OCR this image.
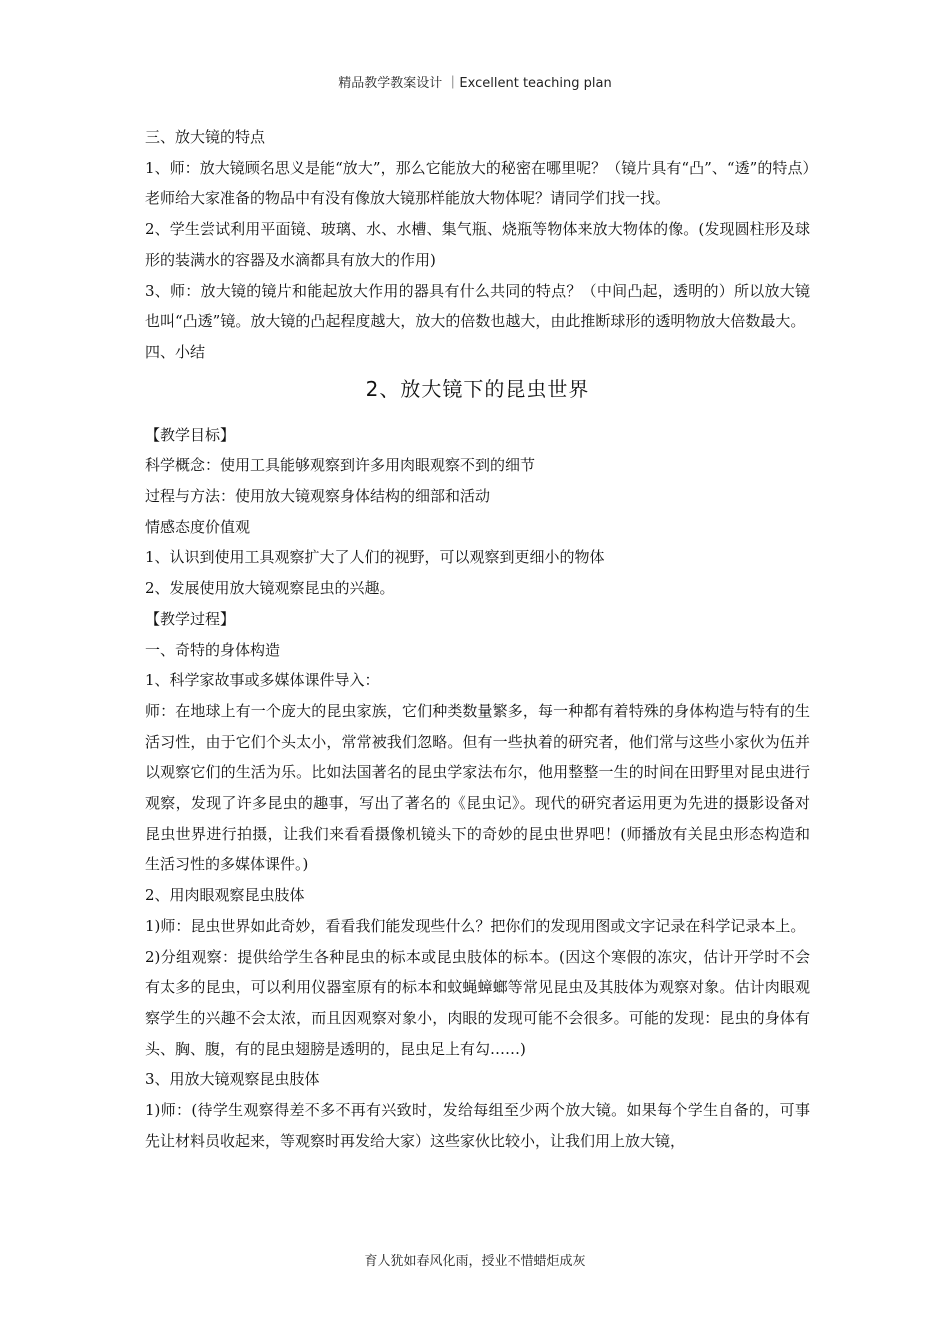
精品教学教案设计 ｜Excellent teaching plan

三、放大镜的特点

1、师：放大镜顾名思义是能“放大”，那么它能放大的秘密在哪里呢？（镜片具有“凸”、“透”的特点）老师给大家准备的物品中有没有像放大镜那样能放大物体呢？请同学们找一找。

2、学生尝试利用平面镜、玻璃、水、水槽、集气瓶、烧瓶等物体来放大物体的像。(发现圆柱形及球形的装满水的容器及水滴都具有放大的作用)

3、师：放大镜的镜片和能起放大作用的器具有什么共同的特点？（中间凸起，透明的）所以放大镜也叫“凸透”镜。放大镜的凸起程度越大，放大的倍数也越大，由此推断球形的透明物放大倍数最大。

四、小结

2、放大镜下的昆虫世界

【教学目标】

科学概念：使用工具能够观察到许多用肉眼观察不到的细节

过程与方法：使用放大镜观察身体结构的细部和活动

情感态度价值观

1、认识到使用工具观察扩大了人们的视野，可以观察到更细小的物体

2、发展使用放大镜观察昆虫的兴趣。

【教学过程】

一、奇特的身体构造

1、科学家故事或多媒体课件导入：

师：在地球上有一个庞大的昆虫家族，它们种类数量繁多，每一种都有着特殊的身体构造与特有的生活习性，由于它们个头太小，常常被我们忽略。但有一些执着的研究者，他们常与这些小家伙为伍并以观察它们的生活为乐。比如法国著名的昆虫学家法布尔，他用整整一生的时间在田野里对昆虫进行观察，发现了许多昆虫的趣事，写出了著名的《昆虫记》。现代的研究者运用更为先进的摄影设备对昆虫世界进行拍摄，让我们来看看摄像机镜头下的奇妙的昆虫世界吧！(师播放有关昆虫形态构造和生活习性的多媒体课件。)

2、用肉眼观察昆虫肢体

1)师：昆虫世界如此奇妙，看看我们能发现些什么？把你们的发现用图或文字记录在科学记录本上。

2)分组观察：提供给学生各种昆虫的标本或昆虫肢体的标本。(因这个寒假的冻灾，估计开学时不会有太多的昆虫，可以利用仪器室原有的标本和蚊蝇蟑螂等常见昆虫及其肢体为观察对象。估计肉眼观察学生的兴趣不会太浓，而且因观察对象小，肉眼的发现可能不会很多。可能的发现：昆虫的身体有头、胸、腹，有的昆虫翅膀是透明的，昆虫足上有勾……)

3、用放大镜观察昆虫肢体

1)师：(待学生观察得差不多不再有兴致时，发给每组至少两个放大镜。如果每个学生自备的，可事先让材料员收起来，等观察时再发给大家）这些家伙比较小，让我们用上放大镜，

育人犹如春风化雨，授业不惜蜡炬成灰
